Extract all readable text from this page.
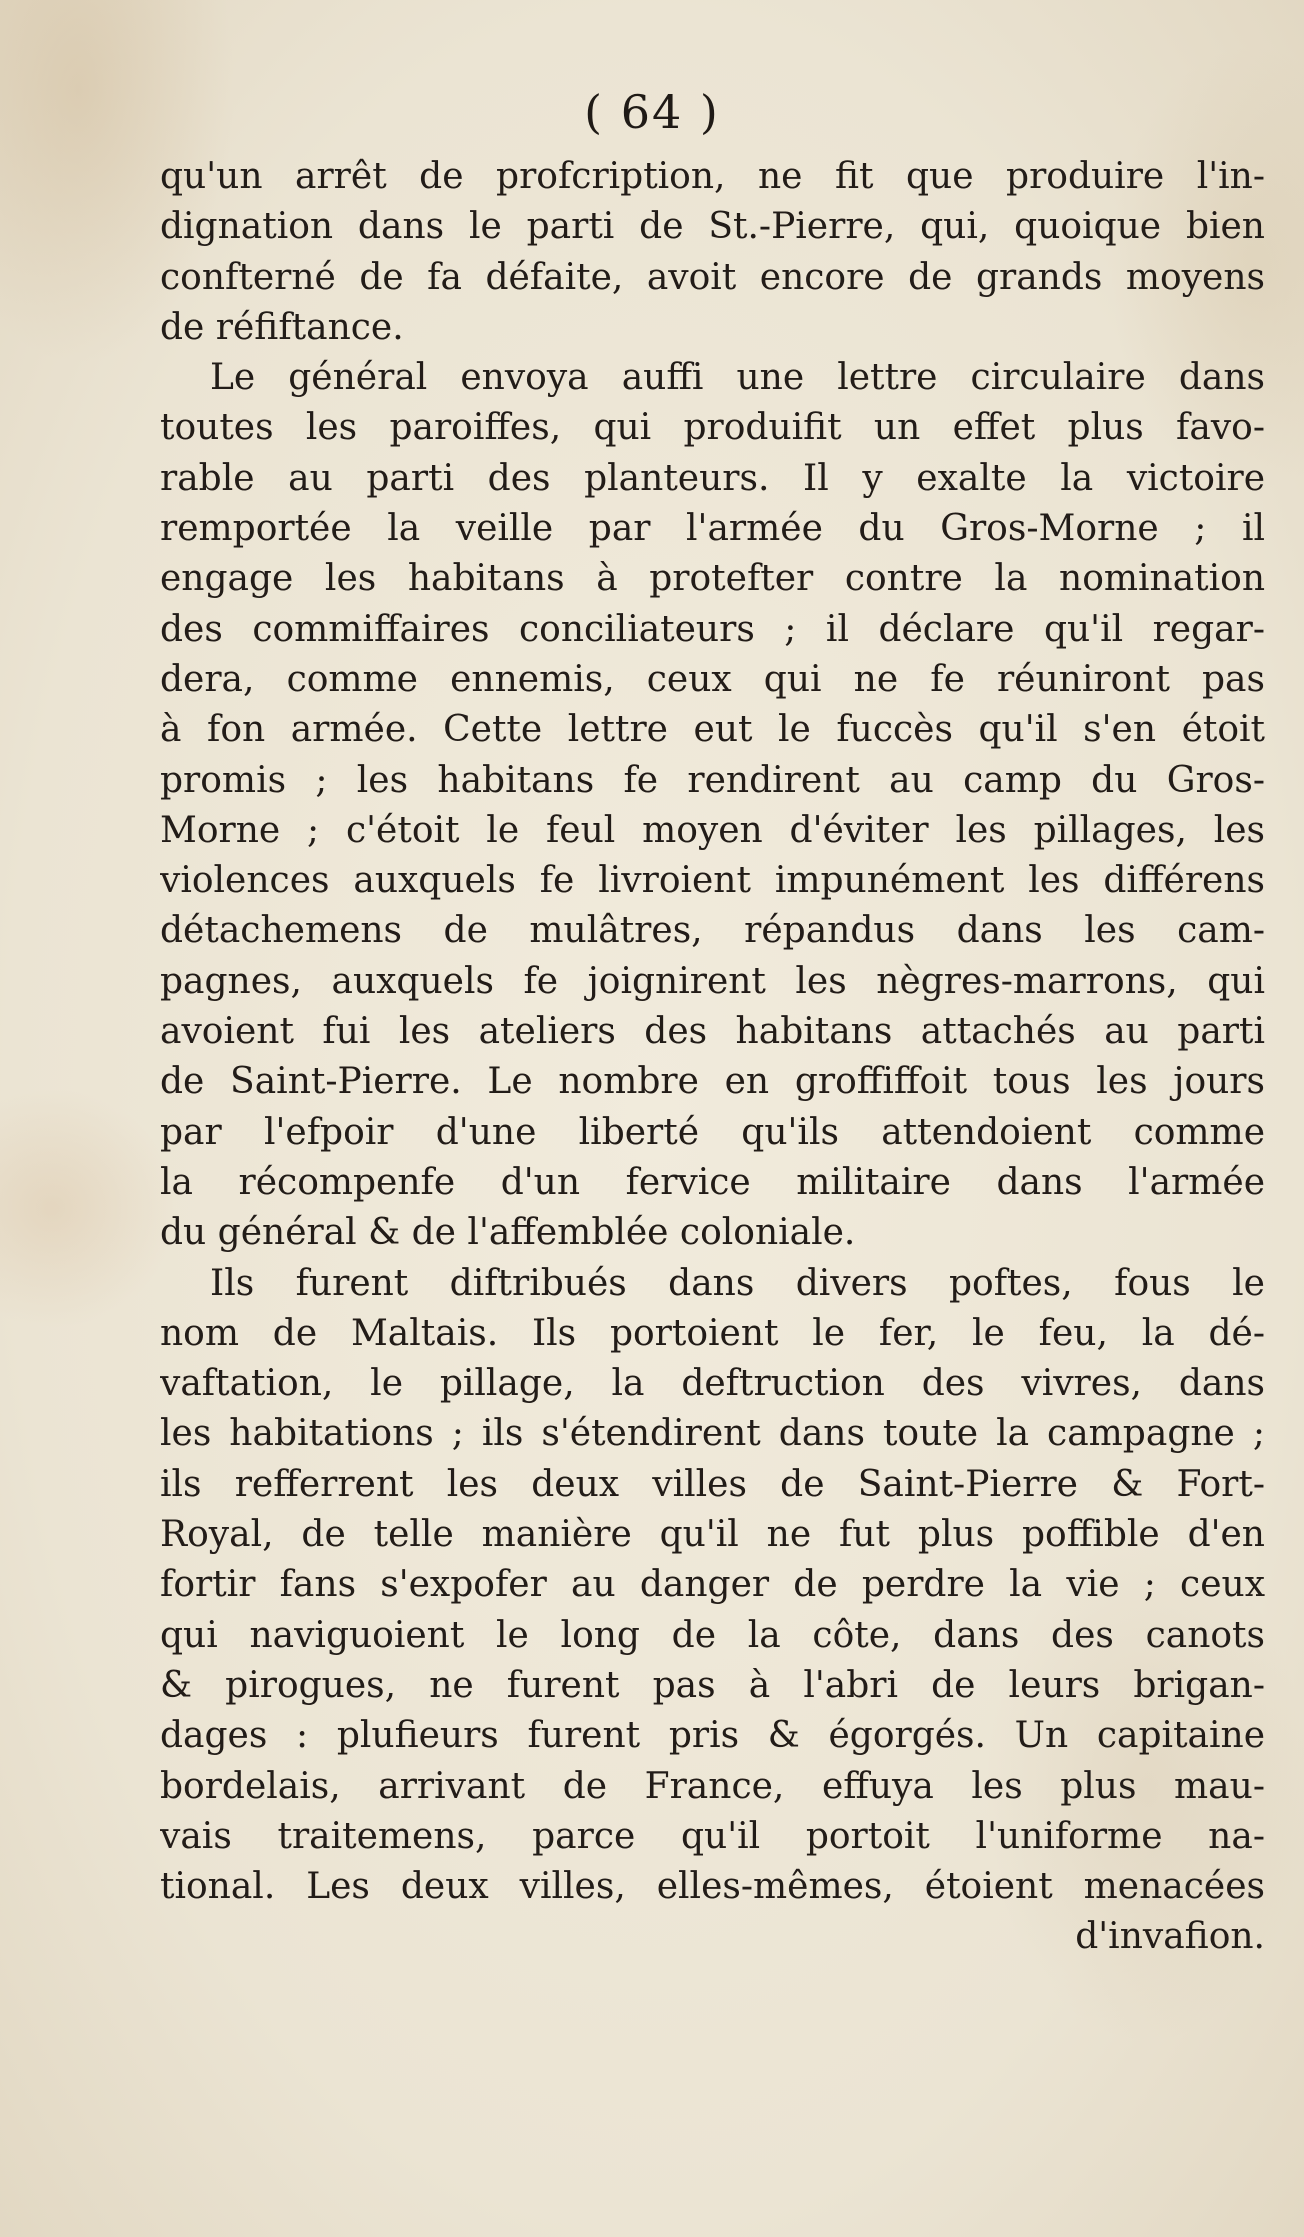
( 64 )
qu'un arrêt de profcription, ne fit que produire l'in-
dignation dans le parti de St.-Pierre, qui, quoique bien
confterné de fa défaite, avoit encore de grands moyens
de réfiftance.
Le général envoya auffi une lettre circulaire dans
toutes les paroiffes, qui produifit un effet plus favo-
rable au parti des planteurs. Il y exalte la victoire
remportée la veille par l'armée du Gros-Morne ; il
engage les habitans à protefter contre la nomination
des commiffaires conciliateurs ; il déclare qu'il regar-
dera, comme ennemis, ceux qui ne fe réuniront pas
à fon armée. Cette lettre eut le fuccès qu'il s'en étoit
promis ; les habitans fe rendirent au camp du Gros-
Morne ; c'étoit le feul moyen d'éviter les pillages, les
violences auxquels fe livroient impunément les différens
détachemens de mulâtres, répandus dans les cam-
pagnes, auxquels fe joignirent les nègres-marrons, qui
avoient fui les ateliers des habitans attachés au parti
de Saint-Pierre. Le nombre en groffiffoit tous les jours
par l'efpoir d'une liberté qu'ils attendoient comme
la récompenfe d'un fervice militaire dans l'armée
du général & de l'affemblée coloniale.
Ils furent diftribués dans divers poftes, fous le
nom de Maltais. Ils portoient le fer, le feu, la dé-
vaftation, le pillage, la deftruction des vivres, dans
les habitations ; ils s'étendirent dans toute la campagne ;
ils refferrent les deux villes de Saint-Pierre & Fort-
Royal, de telle manière qu'il ne fut plus poffible d'en
fortir fans s'expofer au danger de perdre la vie ; ceux
qui naviguoient le long de la côte, dans des canots
& pirogues, ne furent pas à l'abri de leurs brigan-
dages : plufieurs furent pris & égorgés. Un capitaine
bordelais, arrivant de France, effuya les plus mau-
vais traitemens, parce qu'il portoit l'uniforme na-
tional. Les deux villes, elles-mêmes, étoient menacées
d'invafion.
